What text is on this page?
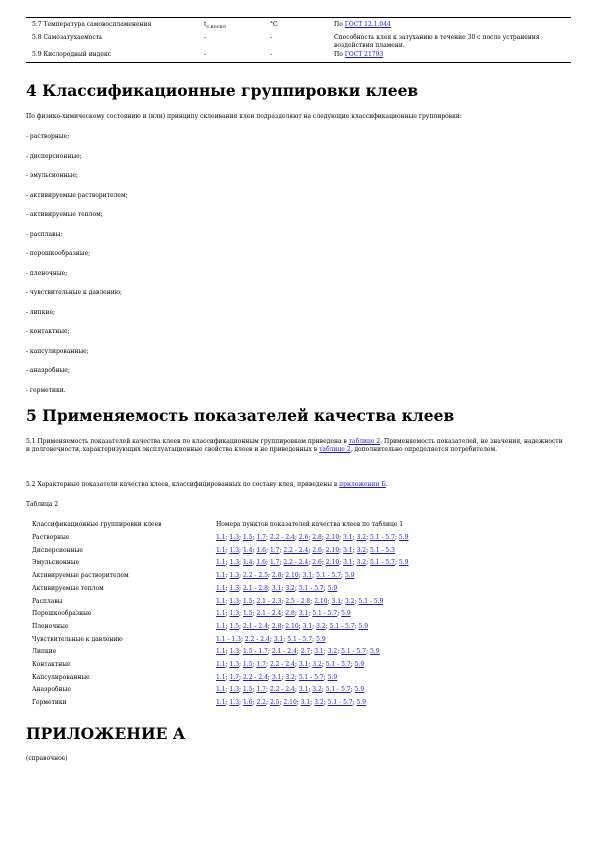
5.7 Температура самовоспламенения	$t_{с.воспл}$	°С	По ГОСТ 12.1.044
5.8 Самозатухаемость	-	-	Способность клея к затуханию в течение 30 с после устранения воздействия пламени.
5.9 Кислородный индекс	-	-	По ГОСТ 21793
4 Классификационные группировки клеев
По физико-химическому состоянию и (или) принципу склеивания клеи подразделяют на следующие классификационные группировки:
- растворные;
- дисперсионные;
- эмульсионные;
- активируемые растворителем;
- активируемые теплом;
- расплавы;
- порошкообразные;
- пленочные;
- чувствительные к давлению;
- липкие;
- контактные;
- капсулированные;
- анаэробные;
- герметики.
5 Применяемость показателей качества клеев
5.1 Применяемость показателей качества клеев по классификационным группировкам приведена в таблице 2. Применяемость показателей, не значения, надежности и долговечности, характеризующих эксплуатационные свойства клеев и не приведенных в таблице 2, дополнительно определяется потребителем.
5.2 Характерные показатели качества клеев, классифицированных по составу клея, приведены в приложении Б.
Таблица 2
Классификационные группировки клеев	Номера пунктов показателей качества клеев по таблице 1
Растворные	1.1; 1.3; 1.5; 1.7; 2.2 - 2.4; 2.6; 2.8; 2.10; 3.1; 3.2; 5.1 - 5.7; 5.9
Дисперсионные	1.1; 1.3; 1.4; 1.6; 1.7; 2.2 - 2.4; 2.6; 2.10; 3.1; 3.2; 5.1 - 5.3
Эмульсионные	1.1; 1.3; 1.4; 1.6; 1.7; 2.2 - 2.4; 2.6; 2.10; 3.1; 3.2; 5.1 - 5.7; 5.9
Активируемые растворителем	1.1; 1.3; 2.2 - 2.5; 2.8; 2.10; 3.1; 5.1 - 5.7; 5.9
Активируемые теплом	1.1; 1.3; 2.1 - 2.8; 3.1; 3.2; 5.1 - 5.7; 5.9
Расплавы	1.1; 1.3; 1.5; 2.1 - 2.3; 2.5 - 2.8; 2.10; 3.1; 3.2; 5.1 - 5.9
Порошкообразные	1.1; 1.3; 1.5; 2.1 - 2.4; 2.8; 3.1; 5.1 - 5.7; 5.9
Пленочные	1.1; 1.5; 2.1 - 2.4; 2.8; 2.10; 3.1; 3.2; 5.1 - 5.7; 5.9
Чувствительные к давлению	1.1 - 1.3; 2.2 - 2.4; 3.1; 5.1 - 5.7; 5.9
Липкие	1.1; 1.3; 1.5 - 1.7; 2.1 - 2.4; 2.7; 3.1; 3.2; 5.1 - 5.7; 5.9
Контактные	1.1; 1.3; 1.5; 1.7; 2.2 - 2.4; 3.1; 3.2; 5.1 - 5.7; 5.9
Капсулированные	1.1; 1.7; 2.2 - 2.4; 3.1; 3.2; 5.1 - 5.7; 5.9
Анаэробные	1.1; 1.3; 1.5; 1.7; 2.2 - 2.4; 3.1; 3.2; 5.1 - 5.7; 5.9
Герметики	1.1; 1.3; 1.6; 2.2; 2.5; 2.10; 3.1; 3.2; 5.1 - 5.7; 5.9
ПРИЛОЖЕНИЕ А
(справочное)
